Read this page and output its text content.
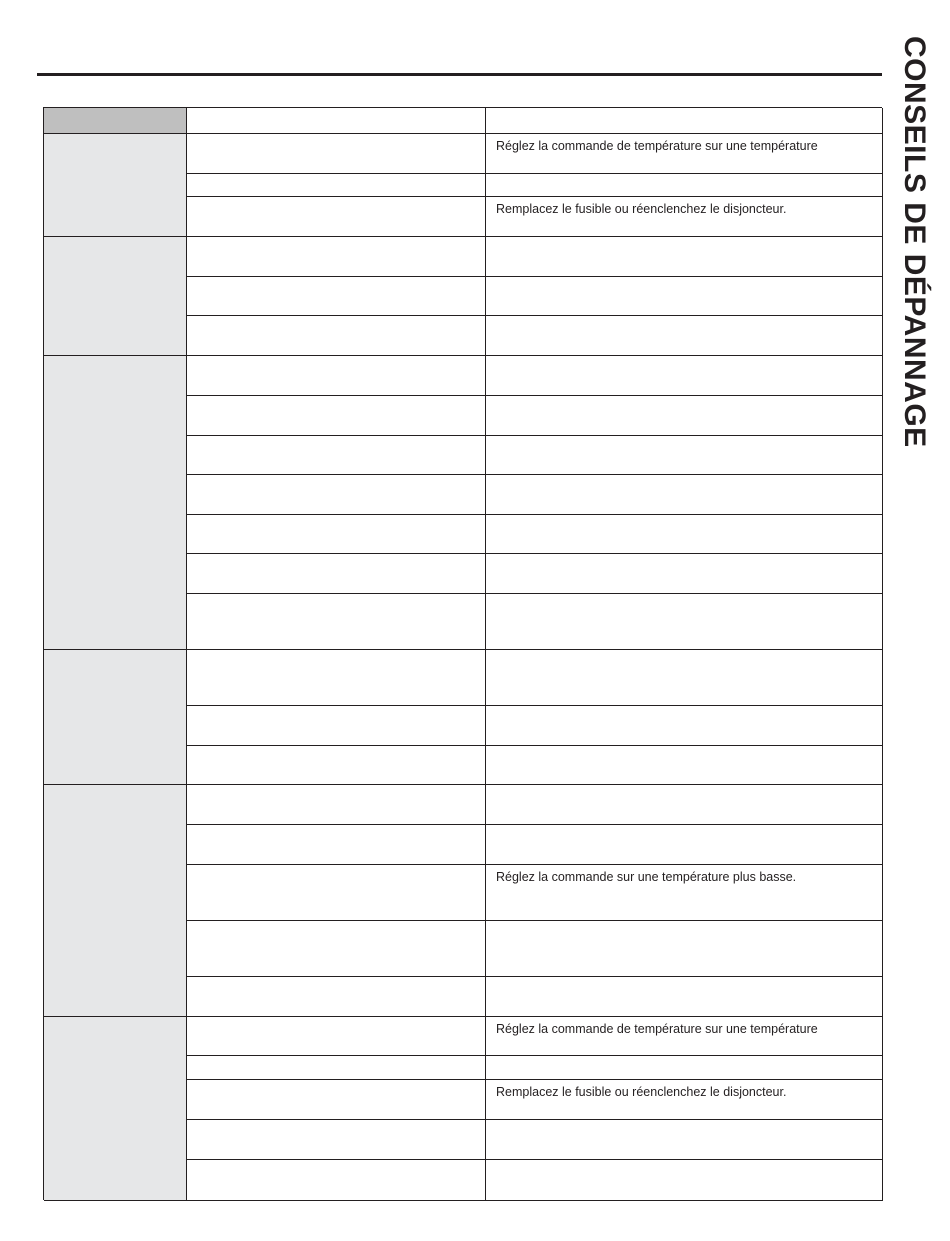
CONSEILS DE DÉPANNAGE
Réglez la commande de température sur une température
Remplacez le fusible ou réenclenchez le disjoncteur.
Réglez la commande sur une température plus basse.
Réglez la commande de température sur une température
Remplacez le fusible ou réenclenchez le disjoncteur.
